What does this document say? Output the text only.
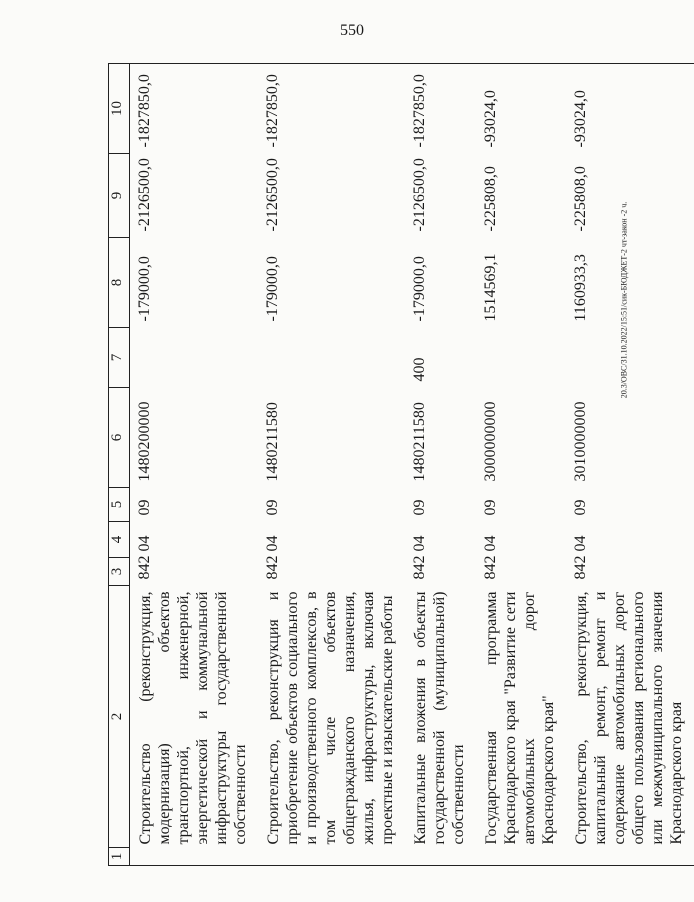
550
20.3/ОВС/31.10.2022/15:51/сик-БЮДЖЕТ-2 чт-закон -2 ч.
1	2	3	4	5	6	7	8	9	10
	Строительство (реконструкция, модернизация) объектов транспортной, инженерной, энергетической и коммунальной инфраструктуры государственной собственности	842	04	09	1480200000		-179000,0	-2126500,0	-1827850,0
	Строительство, реконструкция и приобретение объектов социального и производственного комплексов, в том числе объектов общегражданского назначения, жилья, инфраструктуры, включая проектные и изыскательские работы	842	04	09	1480211580		-179000,0	-2126500,0	-1827850,0
	Капитальные вложения в объекты государственной (муниципальной) собственности	842	04	09	1480211580	400	-179000,0	-2126500,0	-1827850,0
	Государственная программа Краснодарского края "Развитие сети автомобильных дорог Краснодарского края"	842	04	09	3000000000		1514569,1	-225808,0	-93024,0
	Строительство, реконструкция, капитальный ремонт, ремонт и содержание автомобильных дорог общего пользования регионального или межмуниципального значения Краснодарского края	842	04	09	3010000000		1160933,3	-225808,0	-93024,0
